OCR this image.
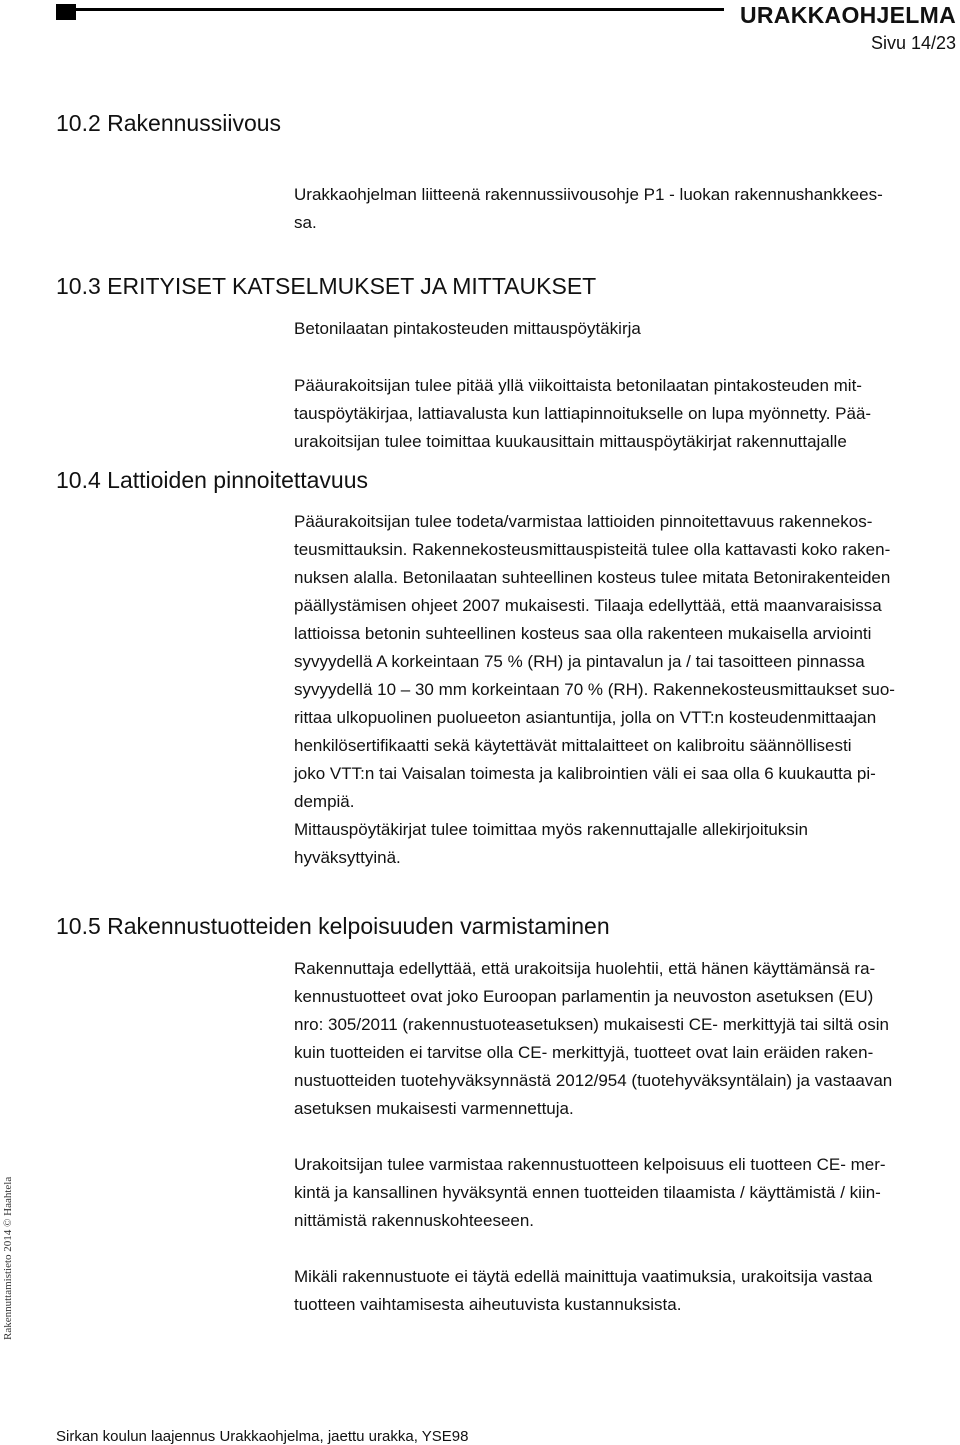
URAKKAOHJELMA
Sivu 14/23
10.2 Rakennussiivous
Urakkaohjelman liitteenä rakennussiivousohje P1 - luokan rakennushankkees-
sa.
10.3 ERITYISET KATSELMUKSET JA MITTAUKSET
Betonilaatan pintakosteuden mittauspöytäkirja
Pääurakoitsijan tulee pitää yllä viikoittaista betonilaatan pintakosteuden mit-
tauspöytäkirjaa, lattiavalusta kun lattiapinnoitukselle on lupa myönnetty. Pää-
urakoitsijan tulee toimittaa kuukausittain mittauspöytäkirjat rakennuttajalle
10.4 Lattioiden pinnoitettavuus
Pääurakoitsijan tulee todeta/varmistaa lattioiden pinnoitettavuus rakennekos-
teusmittauksin. Rakennekosteusmittauspisteitä tulee olla kattavasti koko raken-
nuksen alalla. Betonilaatan suhteellinen kosteus tulee mitata Betonirakenteiden
päällystämisen ohjeet 2007 mukaisesti. Tilaaja edellyttää, että maanvaraisissa
lattioissa betonin suhteellinen kosteus saa olla rakenteen mukaisella arviointi
syvyydellä A korkeintaan 75 % (RH) ja pintavalun ja / tai tasoitteen pinnassa
syvyydellä 10 – 30 mm korkeintaan 70 % (RH). Rakennekosteusmittaukset suo-
rittaa ulkopuolinen puolueeton asiantuntija, jolla on VTT:n kosteudenmittaajan
henkilösertifikaatti sekä käytettävät mittalaitteet on kalibroitu säännöllisesti
joko VTT:n tai Vaisalan toimesta ja kalibrointien väli ei saa olla 6 kuukautta pi-
dempiä.
Mittauspöytäkirjat tulee toimittaa myös rakennuttajalle allekirjoituksin
hyväksyttyinä.
10.5 Rakennustuotteiden kelpoisuuden varmistaminen
Rakennuttaja edellyttää, että urakoitsija huolehtii, että hänen käyttämänsä ra-
kennustuotteet ovat joko Euroopan parlamentin ja neuvoston asetuksen (EU)
nro: 305/2011 (rakennustuoteasetuksen) mukaisesti CE- merkittyjä tai siltä osin
kuin tuotteiden ei tarvitse olla CE- merkittyjä, tuotteet ovat lain eräiden raken-
nustuotteiden tuotehyväksynnästä 2012/954 (tuotehyväksyntälain) ja vastaavan
asetuksen mukaisesti varmennettuja.
Urakoitsijan tulee varmistaa rakennustuotteen kelpoisuus eli tuotteen CE- mer-
kintä ja kansallinen hyväksyntä ennen tuotteiden tilaamista / käyttämistä / kiin-
nittämistä rakennuskohteeseen.
Mikäli rakennustuote ei täytä edellä mainittuja vaatimuksia, urakoitsija vastaa
tuotteen vaihtamisesta aiheutuvista kustannuksista.
Rakennuttamistieto 2014 © Haahtela
Sirkan koulun laajennus Urakkaohjelma, jaettu urakka, YSE98
